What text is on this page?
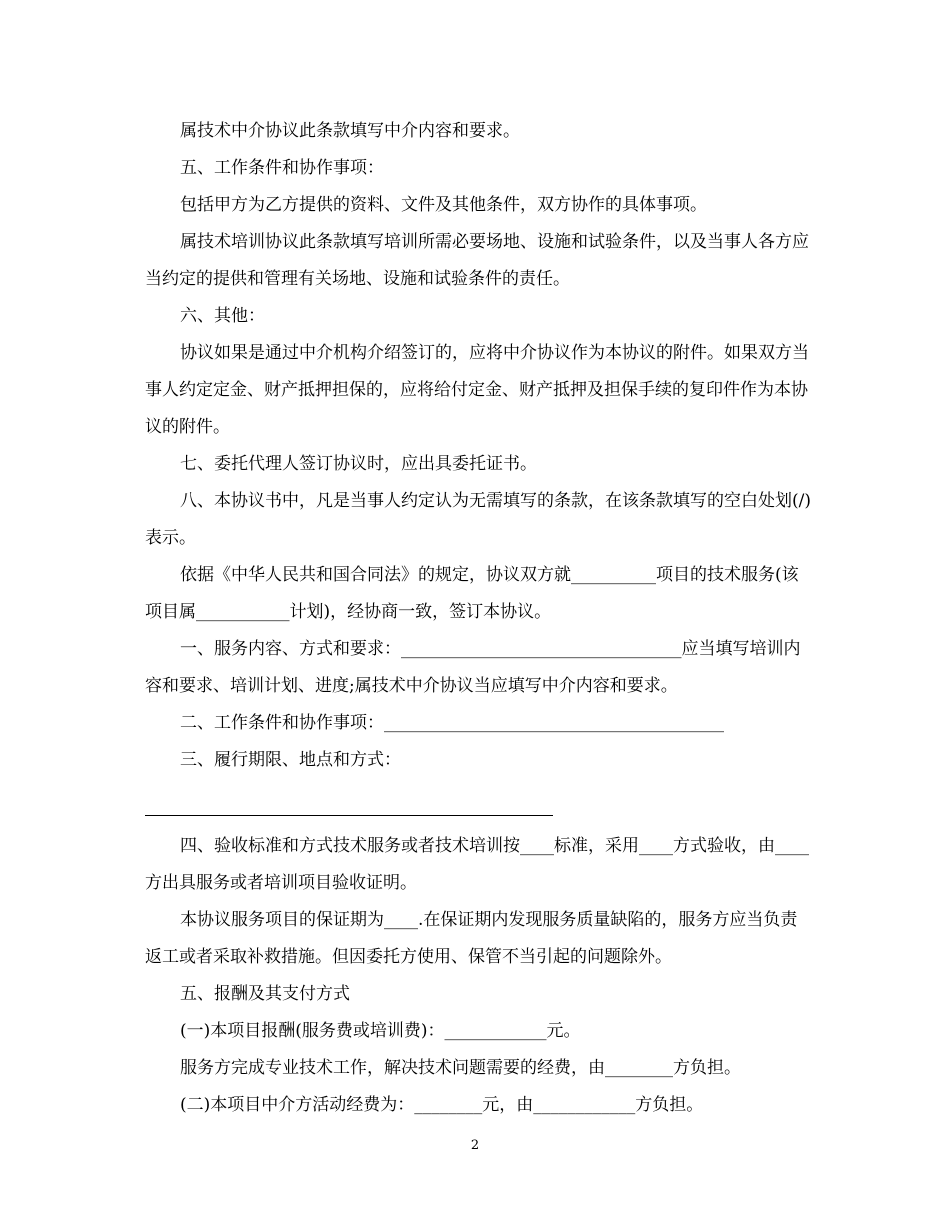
属技术中介协议此条款填写中介内容和要求。

五、工作条件和协作事项：

包括甲方为乙方提供的资料、文件及其他条件，双方协作的具体事项。

属技术培训协议此条款填写培训所需必要场地、设施和试验条件，以及当事人各方应当约定的提供和管理有关场地、设施和试验条件的责任。

六、其他：

协议如果是通过中介机构介绍签订的，应将中介协议作为本协议的附件。如果双方当事人约定定金、财产抵押担保的，应将给付定金、财产抵押及担保手续的复印件作为本协议的附件。

七、委托代理人签订协议时，应出具委托证书。

八、本协议书中，凡是当事人约定认为无需填写的条款，在该条款填写的空白处划(/)表示。

依据《中华人民共和国合同法》的规定，协议双方就__________项目的技术服务(该项目属___________计划)，经协商一致，签订本协议。

一、服务内容、方式和要求：_________________________________应当填写培训内容和要求、培训计划、进度;属技术中介协议当应填写中介内容和要求。

二、工作条件和协作事项：________________________________________

三、履行期限、地点和方式：

四、验收标准和方式技术服务或者技术培训按____标准，采用____方式验收，由____方出具服务或者培训项目验收证明。

本协议服务项目的保证期为____.在保证期内发现服务质量缺陷的，服务方应当负责返工或者采取补救措施。但因委托方使用、保管不当引起的问题除外。

五、报酬及其支付方式

(一)本项目报酬(服务费或培训费)：____________元。

服务方完成专业技术工作，解决技术问题需要的经费，由________方负担。

(二)本项目中介方活动经费为：________元，由____________方负担。

2
